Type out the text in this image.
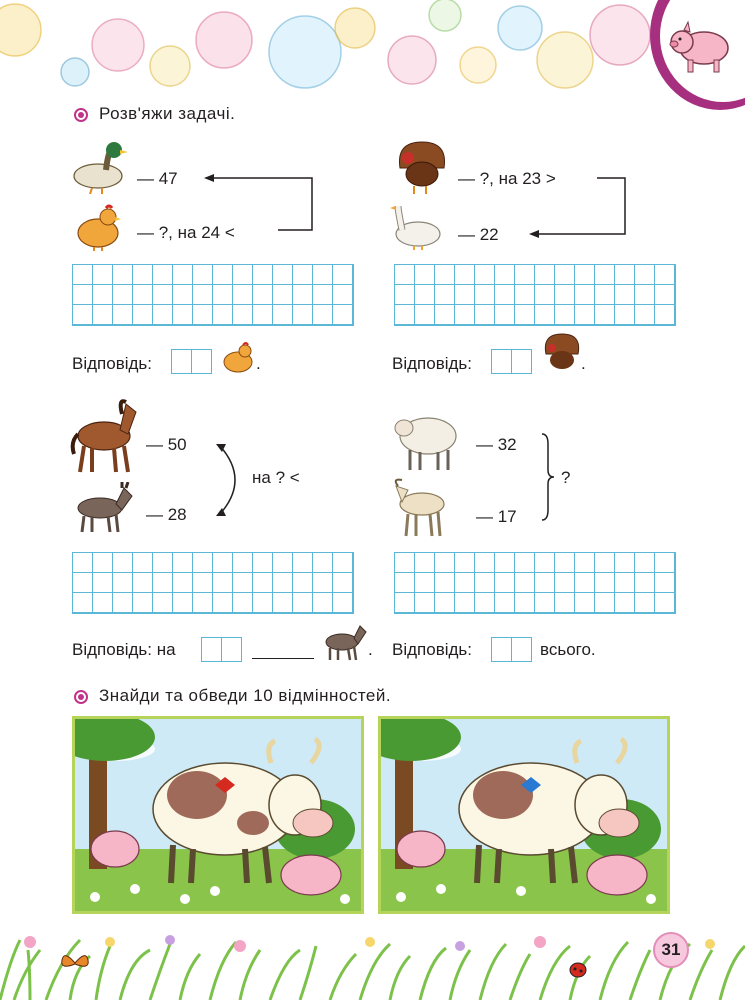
Розв'яжи задачі.
— 47
— ?, на 24 <
Відповідь:	.
— ?, на 23 >
— 22
Відповідь:	.
— 50
— 28
на ? <
Відповідь: на	.
— 32
— 17
?
Відповідь:	всього.
Знайди та обведи 10 відмінностей.
31
